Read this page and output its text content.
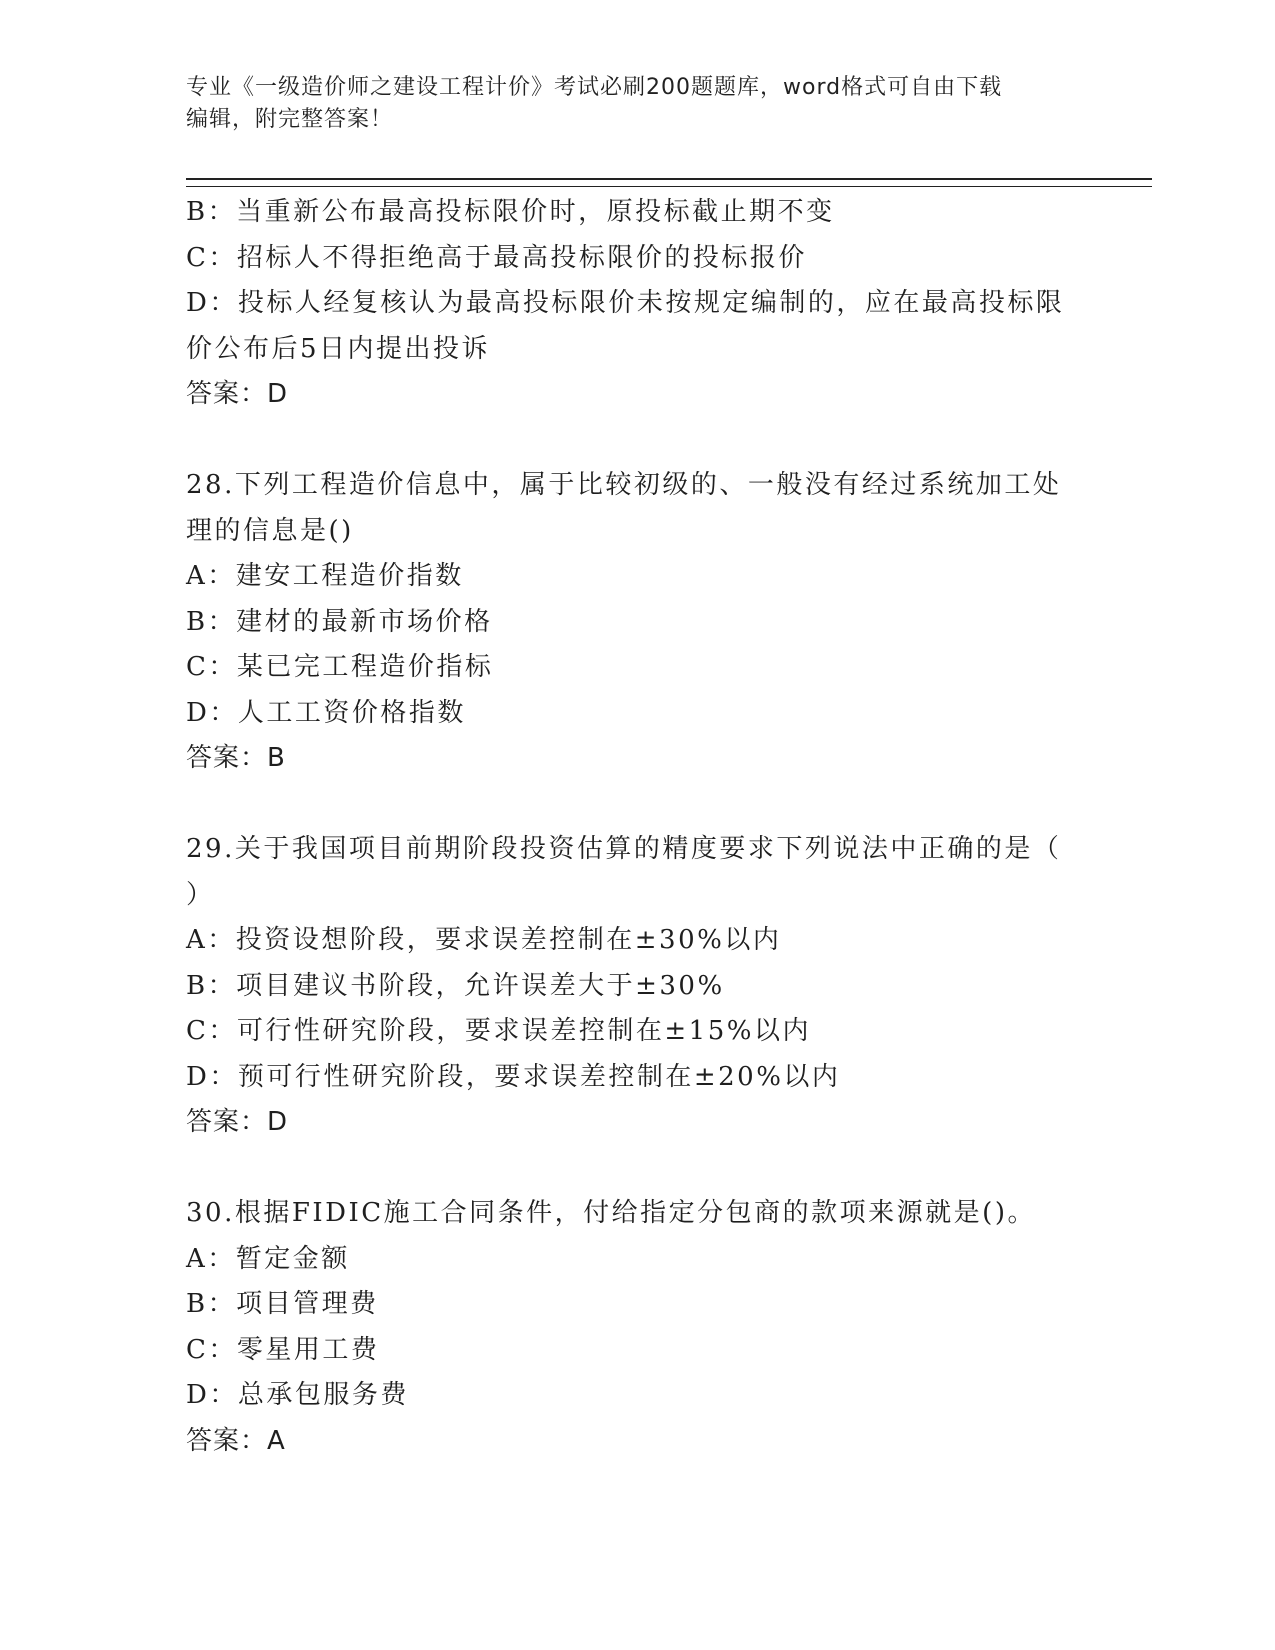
专业《一级造价师之建设工程计价》考试必刷200题题库，word格式可自由下载
编辑，附完整答案！

B：当重新公布最高投标限价时，原投标截止期不变

C：招标人不得拒绝高于最高投标限价的投标报价

D：投标人经复核认为最高投标限价未按规定编制的，应在最高投标限

价公布后5日内提出投诉

答案：D

28.下列工程造价信息中，属于比较初级的、一般没有经过系统加工处

理的信息是()

A：建安工程造价指数

B：建材的最新市场价格

C：某已完工程造价指标

D：人工工资价格指数

答案：B

29.关于我国项目前期阶段投资估算的精度要求下列说法中正确的是（

）

A：投资设想阶段，要求误差控制在±30%以内

B：项目建议书阶段，允许误差大于±30%

C：可行性研究阶段，要求误差控制在±15%以内

D：预可行性研究阶段，要求误差控制在±20%以内

答案：D

30.根据FIDIC施工合同条件，付给指定分包商的款项来源就是()。

A：暂定金额

B：项目管理费

C：零星用工费

D：总承包服务费

答案：A
